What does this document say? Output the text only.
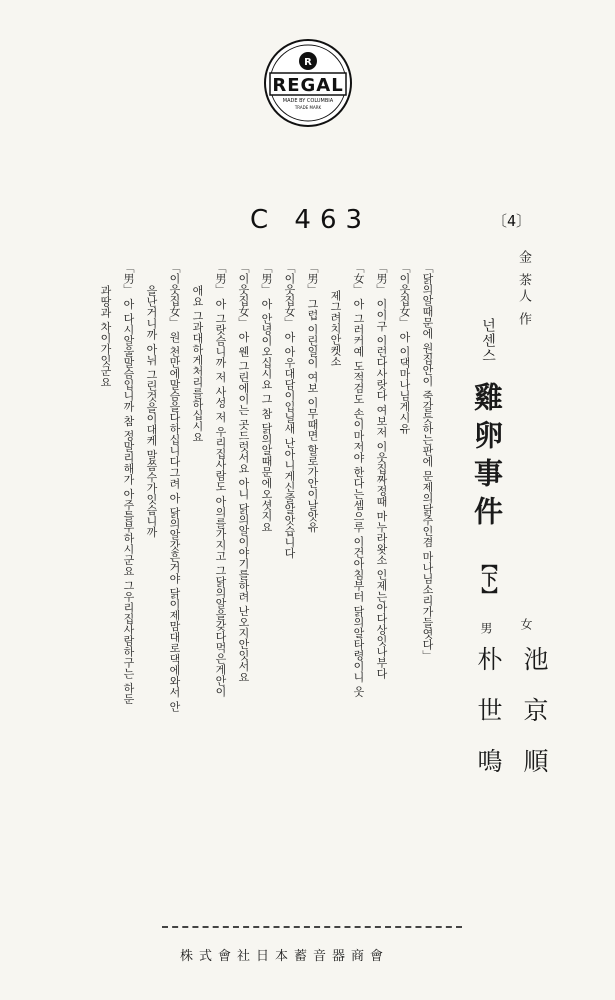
R
REGAL
MADE BY COLUMBIA
TRADE MARK
C 463	〔4〕
金 茶人 作
넌센스
雞卵事件
【下】
女
池京順
男
朴世鳴
「닭의알때문에 원집안이 죽갈듯하는판에 문제의닭주인겸 마나님소리가들엿다」
「이웃집女」 아 이댁마나님게시유
「男」 이이구 이런다사랏다 여보저 이웃집짜정때 마누라왓소 인제는아다상잇나부다
「女」 아 그러커예 도적검도 손이마저야 한다는셈으루 이건아침부터 닭의알타령이니 웃
제그려치안켓소
「男」 그럽 이린일이 여보 이무때면 할로가안이날앗유
「이웃집女」 아 아우대담이입닐새 난아니게신줄알앗습니다
「男」 아 안녕이오십시요 그 참 닭의알때문에오셧지요
「이웃집女」 아 웬 그린에이는 곳드럿서요 아니 닭의알이야기를하려 난오지안잇서요
「男」 아 그랏슴니까 저 사성 저 우리집사람도 아의를가지고 그닭의알을갖다먹은게안이
애요 그과대하게처리를하십시요
「이웃집女」 원 천만에말슴을다하십니다그려 아 닭의알갓흔거야 닭이제맘대로댁에와서 안
을난거니까 아뉘 그린것을이대케 말씀수가잇슴니까
「男」 아 다시알울말슴입니까 참 정말리해가 아주틀부하시군요 그우리집사람하구는 하둔
과땅과 차이가잇군요
株式會社日本蓄音器商會
